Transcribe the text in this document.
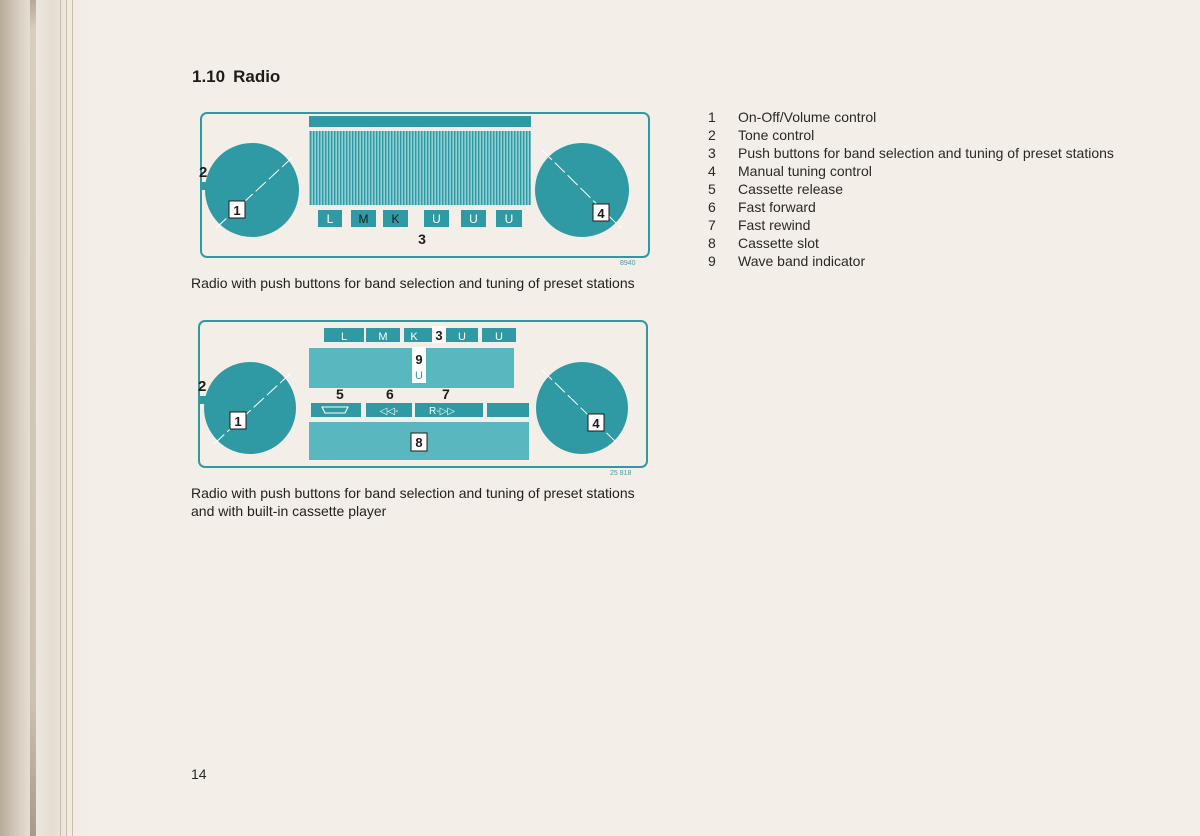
1.10 Radio
2
1	4
L M K	U U U
3
8940
Radio with push buttons for band selection and tuning of preset stations
L	M K 3 U	U
9
U
2
1	4
5	6	7
◁◁-	R-▷▷
8
25 818
Radio with push buttons for band selection and tuning of preset stations and with built-in cassette player
1	On-Off/Volume control
2	Tone control
3	Push buttons for band selection and tuning of preset stations
4	Manual tuning control
5	Cassette release
6	Fast forward
7	Fast rewind
8	Cassette slot
9	Wave band indicator
14
